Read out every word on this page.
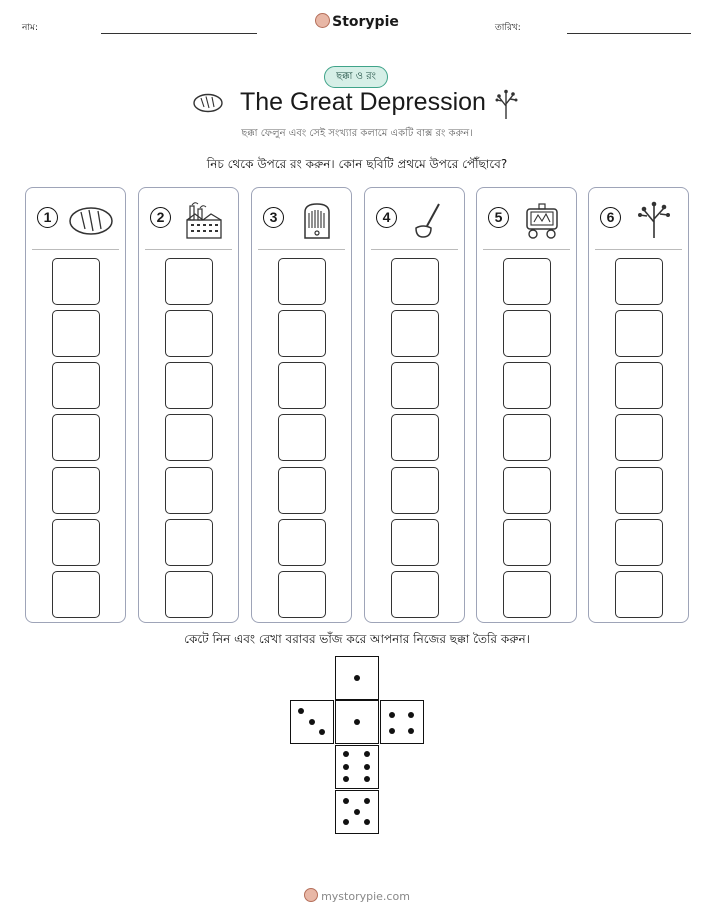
নাম:	Storypie	তারিখ:
ছক্কা ও রং
The Great Depression
ছক্কা ফেলুন এবং সেই সংখ্যার কলামে একটি বাক্স রং করুন।
নিচ থেকে উপরে রং করুন। কোন ছবিটি প্রথমে উপরে পৌঁছাবে?
1	2	3	4	5	6
কেটে নিন এবং রেখা বরাবর ভাঁজ করে আপনার নিজের ছক্কা তৈরি করুন।
mystorypie.com
